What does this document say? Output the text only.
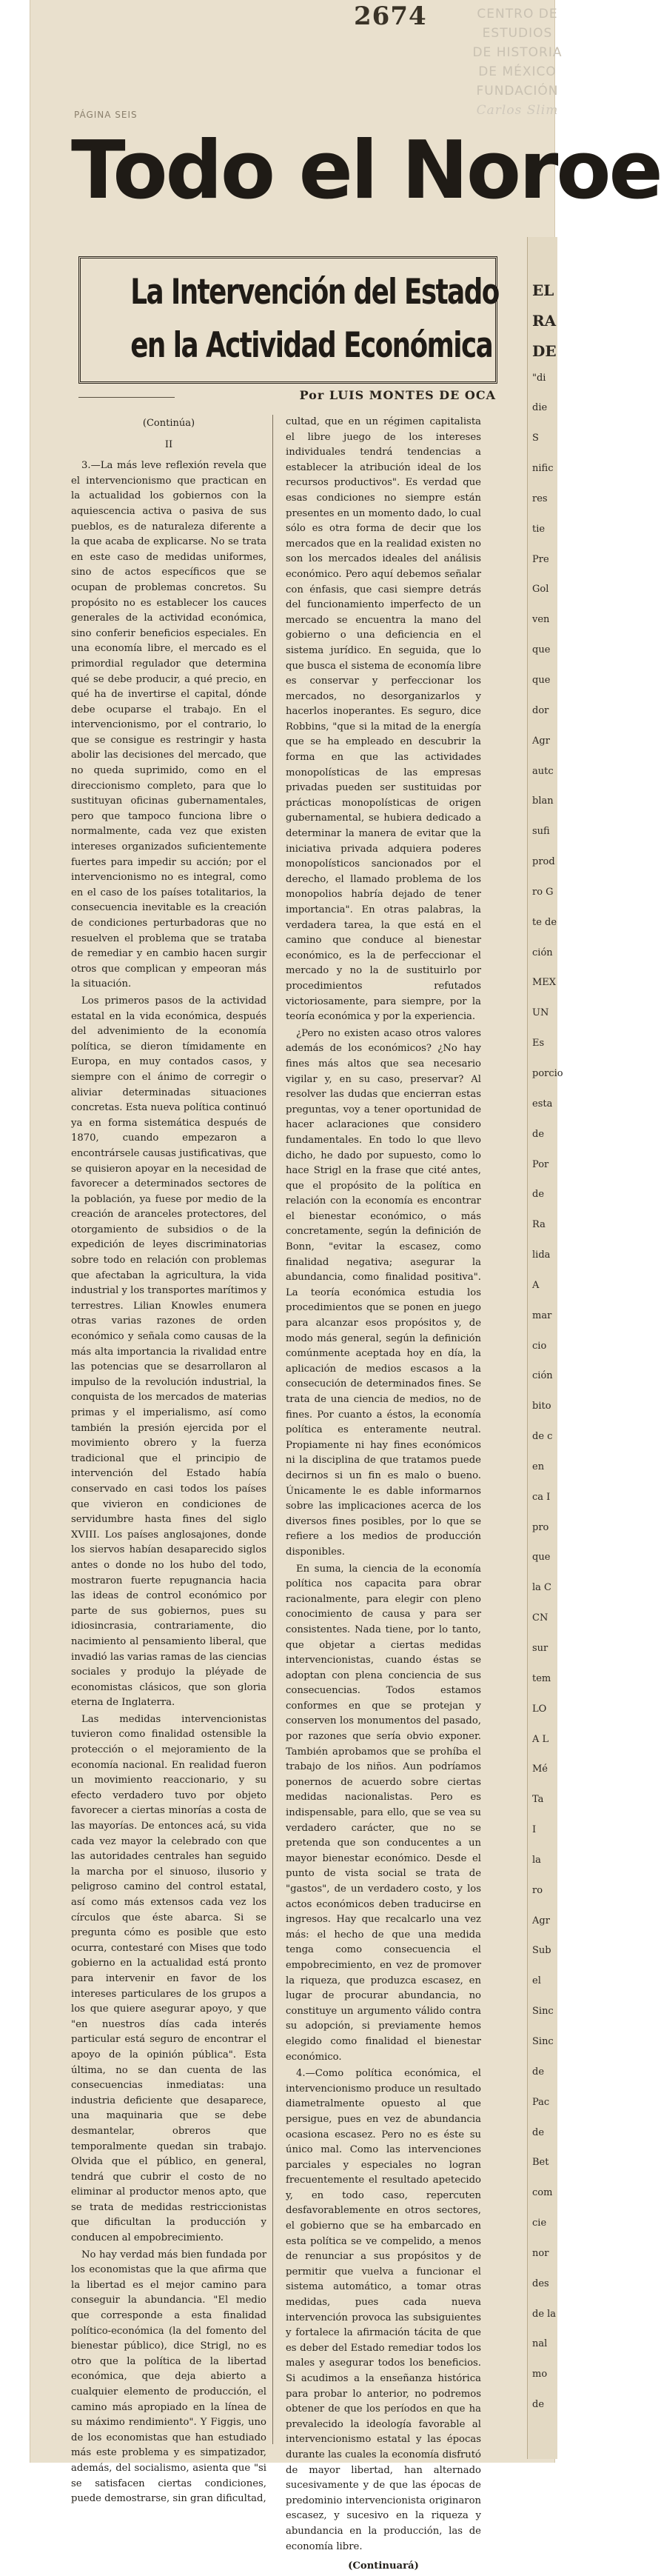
2674	CENTRO DE
ESTUDIOS
DE HISTORIA
DE MÉXICO
FUNDACIÓN
Carlos Slim
PÁGINA SEIS
Todo el Noroe
La Intervención del Estado
en la Actividad Económica
Por LUIS MONTES DE OCA

(Continúa)

II

3.—La más leve reflexión revela que el intervencionismo que practican en la actualidad los gobiernos con la aquiescencia activa o pasiva de sus pueblos, es de naturaleza diferente a la que acaba de explicarse. No se trata en este caso de medidas uniformes, sino de actos específicos que se ocupan de problemas concretos. Su propósito no es establecer los cauces generales de la actividad económica, sino conferir beneficios especiales. En una economía libre, el mercado es el primordial regulador que determina qué se debe producir, a qué precio, en qué ha de invertirse el capital, dónde debe ocuparse el trabajo. En el intervencionismo, por el contrario, lo que se consigue es restringir y hasta abolir las decisiones del mercado, que no queda suprimido, como en el direccionismo completo, para que lo sustituyan oficinas gubernamentales, pero que tampoco funciona libre o normalmente, cada vez que existen intereses organizados suficientemente fuertes para impedir su acción; por el intervencionismo no es integral, como en el caso de los países totalitarios, la consecuencia inevitable es la creación de condiciones perturbadoras que no resuelven el problema que se trataba de remediar y en cambio hacen surgir otros que complican y empeoran más la situación.

Los primeros pasos de la actividad estatal en la vida económica, después del advenimiento de la economía política, se dieron tímidamente en Europa, en muy contados casos, y siempre con el ánimo de corregir o aliviar determinadas situaciones concretas. Esta nueva política continuó ya en forma sistemática después de 1870, cuando empezaron a encontrársele causas justificativas, que se quisieron apoyar en la necesidad de favorecer a determinados sectores de la población, ya fuese por medio de la creación de aranceles protectores, del otorgamiento de subsidios o de la expedición de leyes discriminatorias sobre todo en relación con problemas que afectaban la agricultura, la vida industrial y los transportes marítimos y terrestres. Lilian Knowles enumera otras varias razones de orden económico y señala como causas de la más alta importancia la rivalidad entre las potencias que se desarrollaron al impulso de la revolución industrial, la conquista de los mercados de materias primas y el imperialismo, así como también la presión ejercida por el movimiento obrero y la fuerza tradicional que el principio de intervención del Estado había conservado en casi todos los países que vivieron en condiciones de servidumbre hasta fines del siglo XVIII. Los países anglosajones, donde los siervos habían desaparecido siglos antes o donde no los hubo del todo, mostraron fuerte repugnancia hacia las ideas de control económico por parte de sus gobiernos, pues su idiosincrasia, contrariamente, dio nacimiento al pensamiento liberal, que invadió las varias ramas de las ciencias sociales y produjo la pléyade de economistas clásicos, que son gloria eterna de Inglaterra.

Las medidas intervencionistas tuvieron como finalidad ostensible la protección o el mejoramiento de la economía nacional. En realidad fueron un movimiento reaccionario, y su efecto verdadero tuvo por objeto favorecer a ciertas minorías a costa de las mayorías. De entonces acá, su vida cada vez mayor la celebrado con que las autoridades centrales han seguido la marcha por el sinuoso, ilusorio y peligroso camino del control estatal, así como más extensos cada vez los círculos que éste abarca. Si se pregunta cómo es posible que esto ocurra, contestaré con Mises que todo gobierno en la actualidad está pronto para intervenir en favor de los intereses particulares de los grupos a los que quiere asegurar apoyo, y que "en nuestros días cada interés particular está seguro de encontrar el apoyo de la opinión pública". Esta última, no se dan cuenta de las consecuencias inmediatas: una industria deficiente que desaparece, una maquinaria que se debe desmantelar, obreros que temporalmente quedan sin trabajo. Olvida que el público, en general, tendrá que cubrir el costo de no eliminar al productor menos apto, que se trata de medidas restriccionistas que dificultan la producción y conducen al empobrecimiento.

No hay verdad más bien fundada por los economistas que la que afirma que la libertad es el mejor camino para conseguir la abundancia. "El medio que corresponde a esta finalidad político-económica (la del fomento del bienestar público), dice Strigl, no es otro que la política de la libertad económica, que deja abierto a cualquier elemento de producción, el camino más apropiado en la línea de su máximo rendimiento". Y Figgis, uno de los economistas que han estudiado más este problema y es simpatizador, además, del socialismo, asienta que "si se satisfacen ciertas condiciones, puede demostrarse, sin gran dificultad,

cultad, que en un régimen capitalista el libre juego de los intereses individuales tendrá tendencias a establecer la atribución ideal de los recursos productivos". Es verdad que esas condiciones no siempre están presentes en un momento dado, lo cual sólo es otra forma de decir que los mercados que en la realidad existen no son los mercados ideales del análisis económico. Pero aquí debemos señalar con énfasis, que casi siempre detrás del funcionamiento imperfecto de un mercado se encuentra la mano del gobierno o una deficiencia en el sistema jurídico. En seguida, que lo que busca el sistema de economía libre es conservar y perfeccionar los mercados, no desorganizarlos y hacerlos inoperantes. Es seguro, dice Robbins, "que si la mitad de la energía que se ha empleado en descubrir la forma en que las actividades monopolísticas de las empresas privadas pueden ser sustituidas por prácticas monopolísticas de origen gubernamental, se hubiera dedicado a determinar la manera de evitar que la iniciativa privada adquiera poderes monopolísticos sancionados por el derecho, el llamado problema de los monopolios habría dejado de tener importancia". En otras palabras, la verdadera tarea, la que está en el camino que conduce al bienestar económico, es la de perfeccionar el mercado y no la de sustituirlo por procedimientos refutados victoriosamente, para siempre, por la teoría económica y por la experiencia.

¿Pero no existen acaso otros valores además de los económicos? ¿No hay fines más altos que sea necesario vigilar y, en su caso, preservar? Al resolver las dudas que encierran estas preguntas, voy a tener oportunidad de hacer aclaraciones que considero fundamentales. En todo lo que llevo dicho, he dado por supuesto, como lo hace Strigl en la frase que cité antes, que el propósito de la política en relación con la economía es encontrar el bienestar económico, o más concretamente, según la definición de Bonn, "evitar la escasez, como finalidad negativa; asegurar la abundancia, como finalidad positiva". La teoría económica estudia los procedimientos que se ponen en juego para alcanzar esos propósitos y, de modo más general, según la definición comúnmente aceptada hoy en día, la aplicación de medios escasos a la consecución de determinados fines. Se trata de una ciencia de medios, no de fines. Por cuanto a éstos, la economía política es enteramente neutral. Propiamente ni hay fines económicos ni la disciplina de que tratamos puede decirnos si un fin es malo o bueno. Únicamente le es dable informarnos sobre las implicaciones acerca de los diversos fines posibles, por lo que se refiere a los medios de producción disponibles.

En suma, la ciencia de la economía política nos capacita para obrar racionalmente, para elegir con pleno conocimiento de causa y para ser consistentes. Nada tiene, por lo tanto, que objetar a ciertas medidas intervencionistas, cuando éstas se adoptan con plena conciencia de sus consecuencias. Todos estamos conformes en que se protejan y conserven los monumentos del pasado, por razones que sería obvio exponer. También aprobamos que se prohíba el trabajo de los niños. Aun podríamos ponernos de acuerdo sobre ciertas medidas nacionalistas. Pero es indispensable, para ello, que se vea su verdadero carácter, que no se pretenda que son conducentes a un mayor bienestar económico. Desde el punto de vista social se trata de "gastos", de un verdadero costo, y los actos económicos deben traducirse en ingresos. Hay que recalcarlo una vez más: el hecho de que una medida tenga como consecuencia el empobrecimiento, en vez de promover la riqueza, que produzca escasez, en lugar de procurar abundancia, no constituye un argumento válido contra su adopción, si previamente hemos elegido como finalidad el bienestar económico.

4.—Como política económica, el intervencionismo produce un resultado diametralmente opuesto al que persigue, pues en vez de abundancia ocasiona escasez. Pero no es éste su único mal. Como las intervenciones parciales y especiales no logran frecuentemente el resultado apetecido y, en todo caso, repercuten desfavorablemente en otros sectores, el gobierno que se ha embarcado en esta política se ve compelido, a menos de renunciar a sus propósitos y de permitir que vuelva a funcionar el sistema automático, a tomar otras medidas, pues cada nueva intervención provoca las subsiguientes y fortalece la afirmación tácita de que es deber del Estado remediar todos los males y asegurar todos los beneficios. Si acudimos a la enseñanza histórica para probar lo anterior, no podremos obtener de que los períodos en que ha prevalecido la ideología favorable al intervencionismo estatal y las épocas durante las cuales la economía disfrutó de mayor libertad, han alternado sucesivamente y de que las épocas de predominio intervencionista originaron escasez, y sucesivo en la riqueza y abundancia en la producción, las de economía libre.

(Continuará)

EL
RA
DE
"di
die
S
nific
res
tie
Pre
Gol
ven
que
que
dor
Agr
autc
blan
sufi
prod
ro G
te de
ción
MEX
UN
Es
porcio
esta
de
Por
de
Ra
lida
A
mar
cio
ción
bito
de c
en
ca I
pro
que
la C
CN
sur
tem
LO
A L
Mé
Ta
I
la
ro
Agr
Sub
el
Sinc
Sinc
de
Pac
de
Bet
com
cie
nor
des
de la
nal
mo
de
